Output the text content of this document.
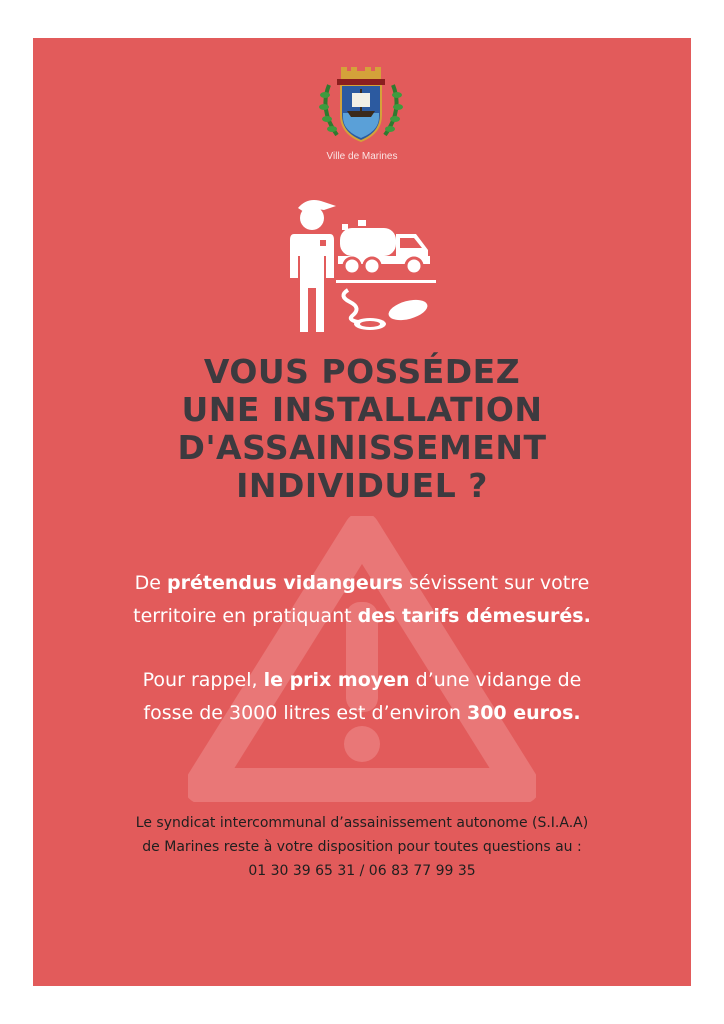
Ville de Marines
VOUS POSSÉDEZ
UNE INSTALLATION
D'ASSAINISSEMENT
INDIVIDUEL ?
De prétendus vidangeurs sévissent sur votre
territoire en pratiquant des tarifs démesurés.
Pour rappel, le prix moyen d’une vidange de
fosse de 3000 litres est d’environ 300 euros.
Le syndicat intercommunal d’assainissement autonome (S.I.A.A)
de Marines reste à votre disposition pour toutes questions au :
01 30 39 65 31 / 06 83 77 99 35
